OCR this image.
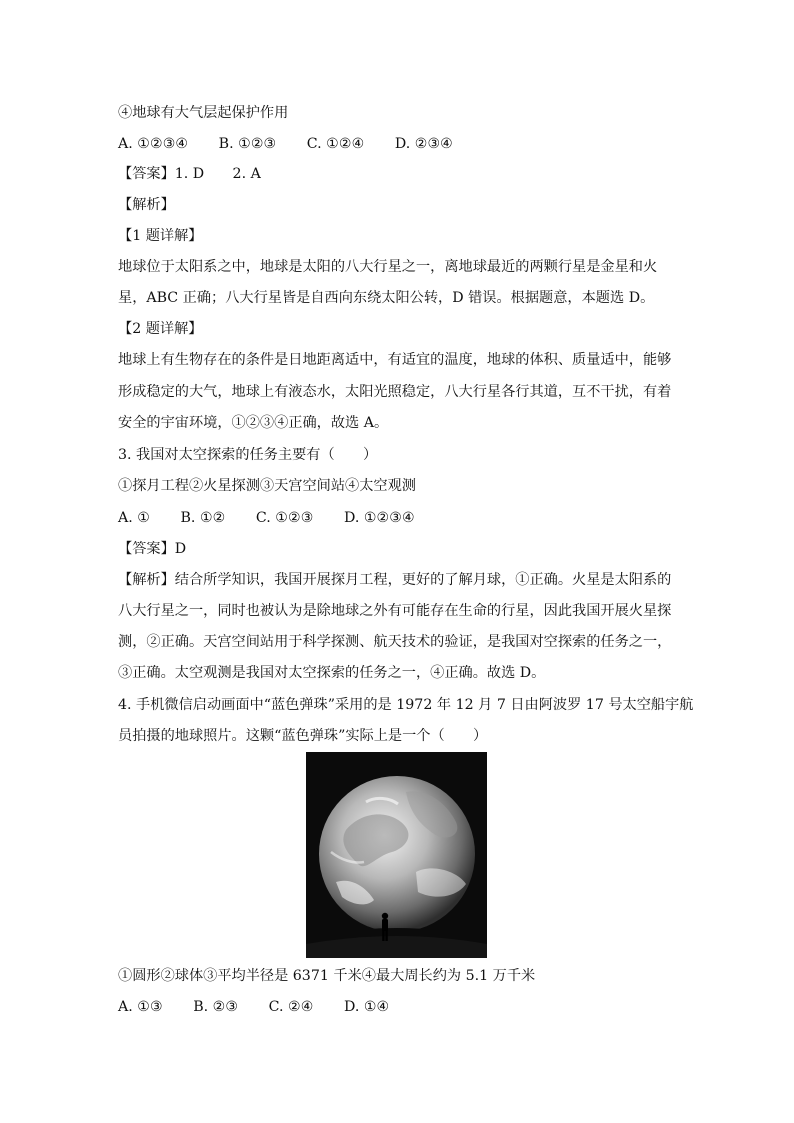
④地球有大气层起保护作用
A. ①②③④ B. ①②③ C. ①②④ D. ②③④
【答案】1. D　　2. A
【解析】
【1 题详解】
地球位于太阳系之中，地球是太阳的八大行星之一，离地球最近的两颗行星是金星和火
星，ABC 正确；八大行星皆是自西向东绕太阳公转，D 错误。根据题意，本题选 D。
【2 题详解】
地球上有生物存在的条件是日地距离适中，有适宜的温度，地球的体积、质量适中，能够
形成稳定的大气，地球上有液态水，太阳光照稳定，八大行星各行其道，互不干扰，有着
安全的宇宙环境，①②③④正确，故选 A。
3. 我国对太空探索的任务主要有（　　）
①探月工程②火星探测③天宫空间站④太空观测
A. ① B. ①② C. ①②③ D. ①②③④
【答案】D
【解析】结合所学知识，我国开展探月工程，更好的了解月球，①正确。火星是太阳系的
八大行星之一，同时也被认为是除地球之外有可能存在生命的行星，因此我国开展火星探
测，②正确。天宫空间站用于科学探测、航天技术的验证，是我国对空探索的任务之一，
③正确。太空观测是我国对太空探索的任务之一，④正确。故选 D。
4. 手机微信启动画面中“蓝色弹珠”采用的是 1972 年 12 月 7 日由阿波罗 17 号太空船宇航
员拍摄的地球照片。这颗“蓝色弹珠”实际上是一个（　　）
①圆形②球体③平均半径是 6371 千米④最大周长约为 5.1 万千米
A. ①③ B. ②③ C. ②④ D. ①④
